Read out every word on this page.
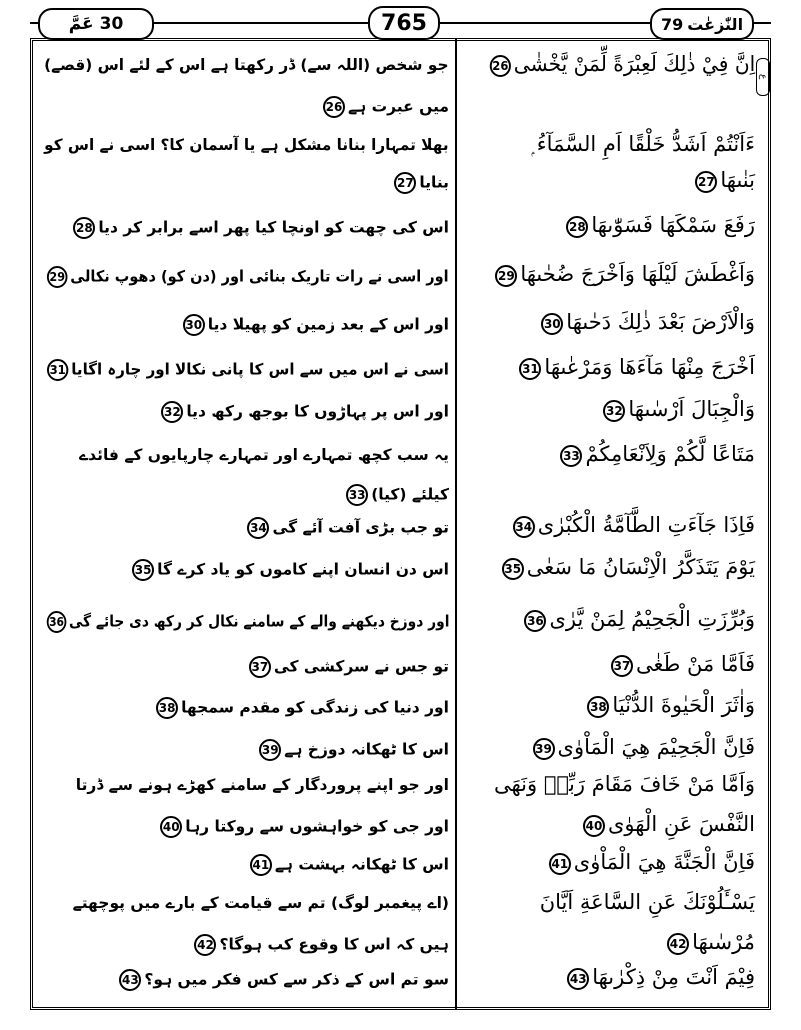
عَمَّ 30	765	79 النّٰزعٰت
ع
اِنَّ فِيْ ذٰلِكَ لَعِبْرَةً لِّمَنْ يَّخْشٰى26
جو شخص (اللہ سے) ڈر رکھتا ہے اس کے لئے اس (قصے)
میں عبرت ہے26
ءَاَنْتُمْ اَشَدُّ خَلْقًا اَمِ السَّمَآءُ ۭ
بھلا تمہارا بنانا مشکل ہے یا آسمان کا؟ اسی نے اس کو
بَنٰىهَا27
بنایا27
رَفَعَ سَمْكَهَا فَسَوّٰىهَا28
اس کی چھت کو اونچا کیا پھر اسے برابر کر دیا28
وَاَغْطَشَ لَيْلَهَا وَاَخْرَجَ ضُحٰىهَا29
اور اسی نے رات تاریک بنائی اور (دن کو) دھوپ نکالی29
وَالْاَرْضَ بَعْدَ ذٰلِكَ دَحٰىهَا30
اور اس کے بعد زمین کو پھیلا دیا30
اَخْرَجَ مِنْهَا مَآءَهَا وَمَرْعٰىهَا31
اسی نے اس میں سے اس کا پانی نکالا اور چارہ اگایا31
وَالْجِبَالَ اَرْسٰىهَا32
اور اس پر پہاڑوں کا بوجھ رکھ دیا32
مَتَاعًا لَّكُمْ وَلِاَنْعَامِكُمْ33
یہ سب کچھ تمہارے اور تمہارے چارپایوں کے فائدے
کیلئے (کیا)33
فَاِذَا جَآءَتِ الطَّآمَّةُ الْكُبْرٰى34
تو جب بڑی آفت آئے گی34
يَوْمَ يَتَذَكَّرُ الْاِنْسَانُ مَا سَعٰى35
اس دن انسان اپنے کاموں کو یاد کرے گا35
وَبُرِّزَتِ الْجَحِيْمُ لِمَنْ يَّرٰى36
اور دوزخ دیکھنے والے کے سامنے نکال کر رکھ دی جائے گی36
فَاَمَّا مَنْ طَغٰى37
تو جس نے سرکشی کی37
وَاٰثَرَ الْحَيٰوةَ الدُّنْيَا38
اور دنیا کی زندگی کو مقدم سمجھا38
فَاِنَّ الْجَحِيْمَ هِيَ الْمَاْوٰى39
اس کا ٹھکانہ دوزخ ہے39
وَاَمَّا مَنْ خَافَ مَقَامَ رَبِّهٖ وَنَهَى
اور جو اپنے پروردگار کے سامنے کھڑے ہونے سے ڈرتا
النَّفْسَ عَنِ الْهَوٰى40
اور جی کو خواہشوں سے روکتا رہا40
فَاِنَّ الْجَنَّةَ هِيَ الْمَاْوٰى41
اس کا ٹھکانہ بہشت ہے41
يَسْـَٔلُوْنَكَ عَنِ السَّاعَةِ اَيَّانَ
(اے پیغمبر لوگ) تم سے قیامت کے بارے میں پوچھتے
مُرْسٰىهَا42
ہیں کہ اس کا وقوع کب ہوگا؟42
فِيْمَ اَنْتَ مِنْ ذِكْرٰىهَا43
سو تم اس کے ذکر سے کس فکر میں ہو؟43
